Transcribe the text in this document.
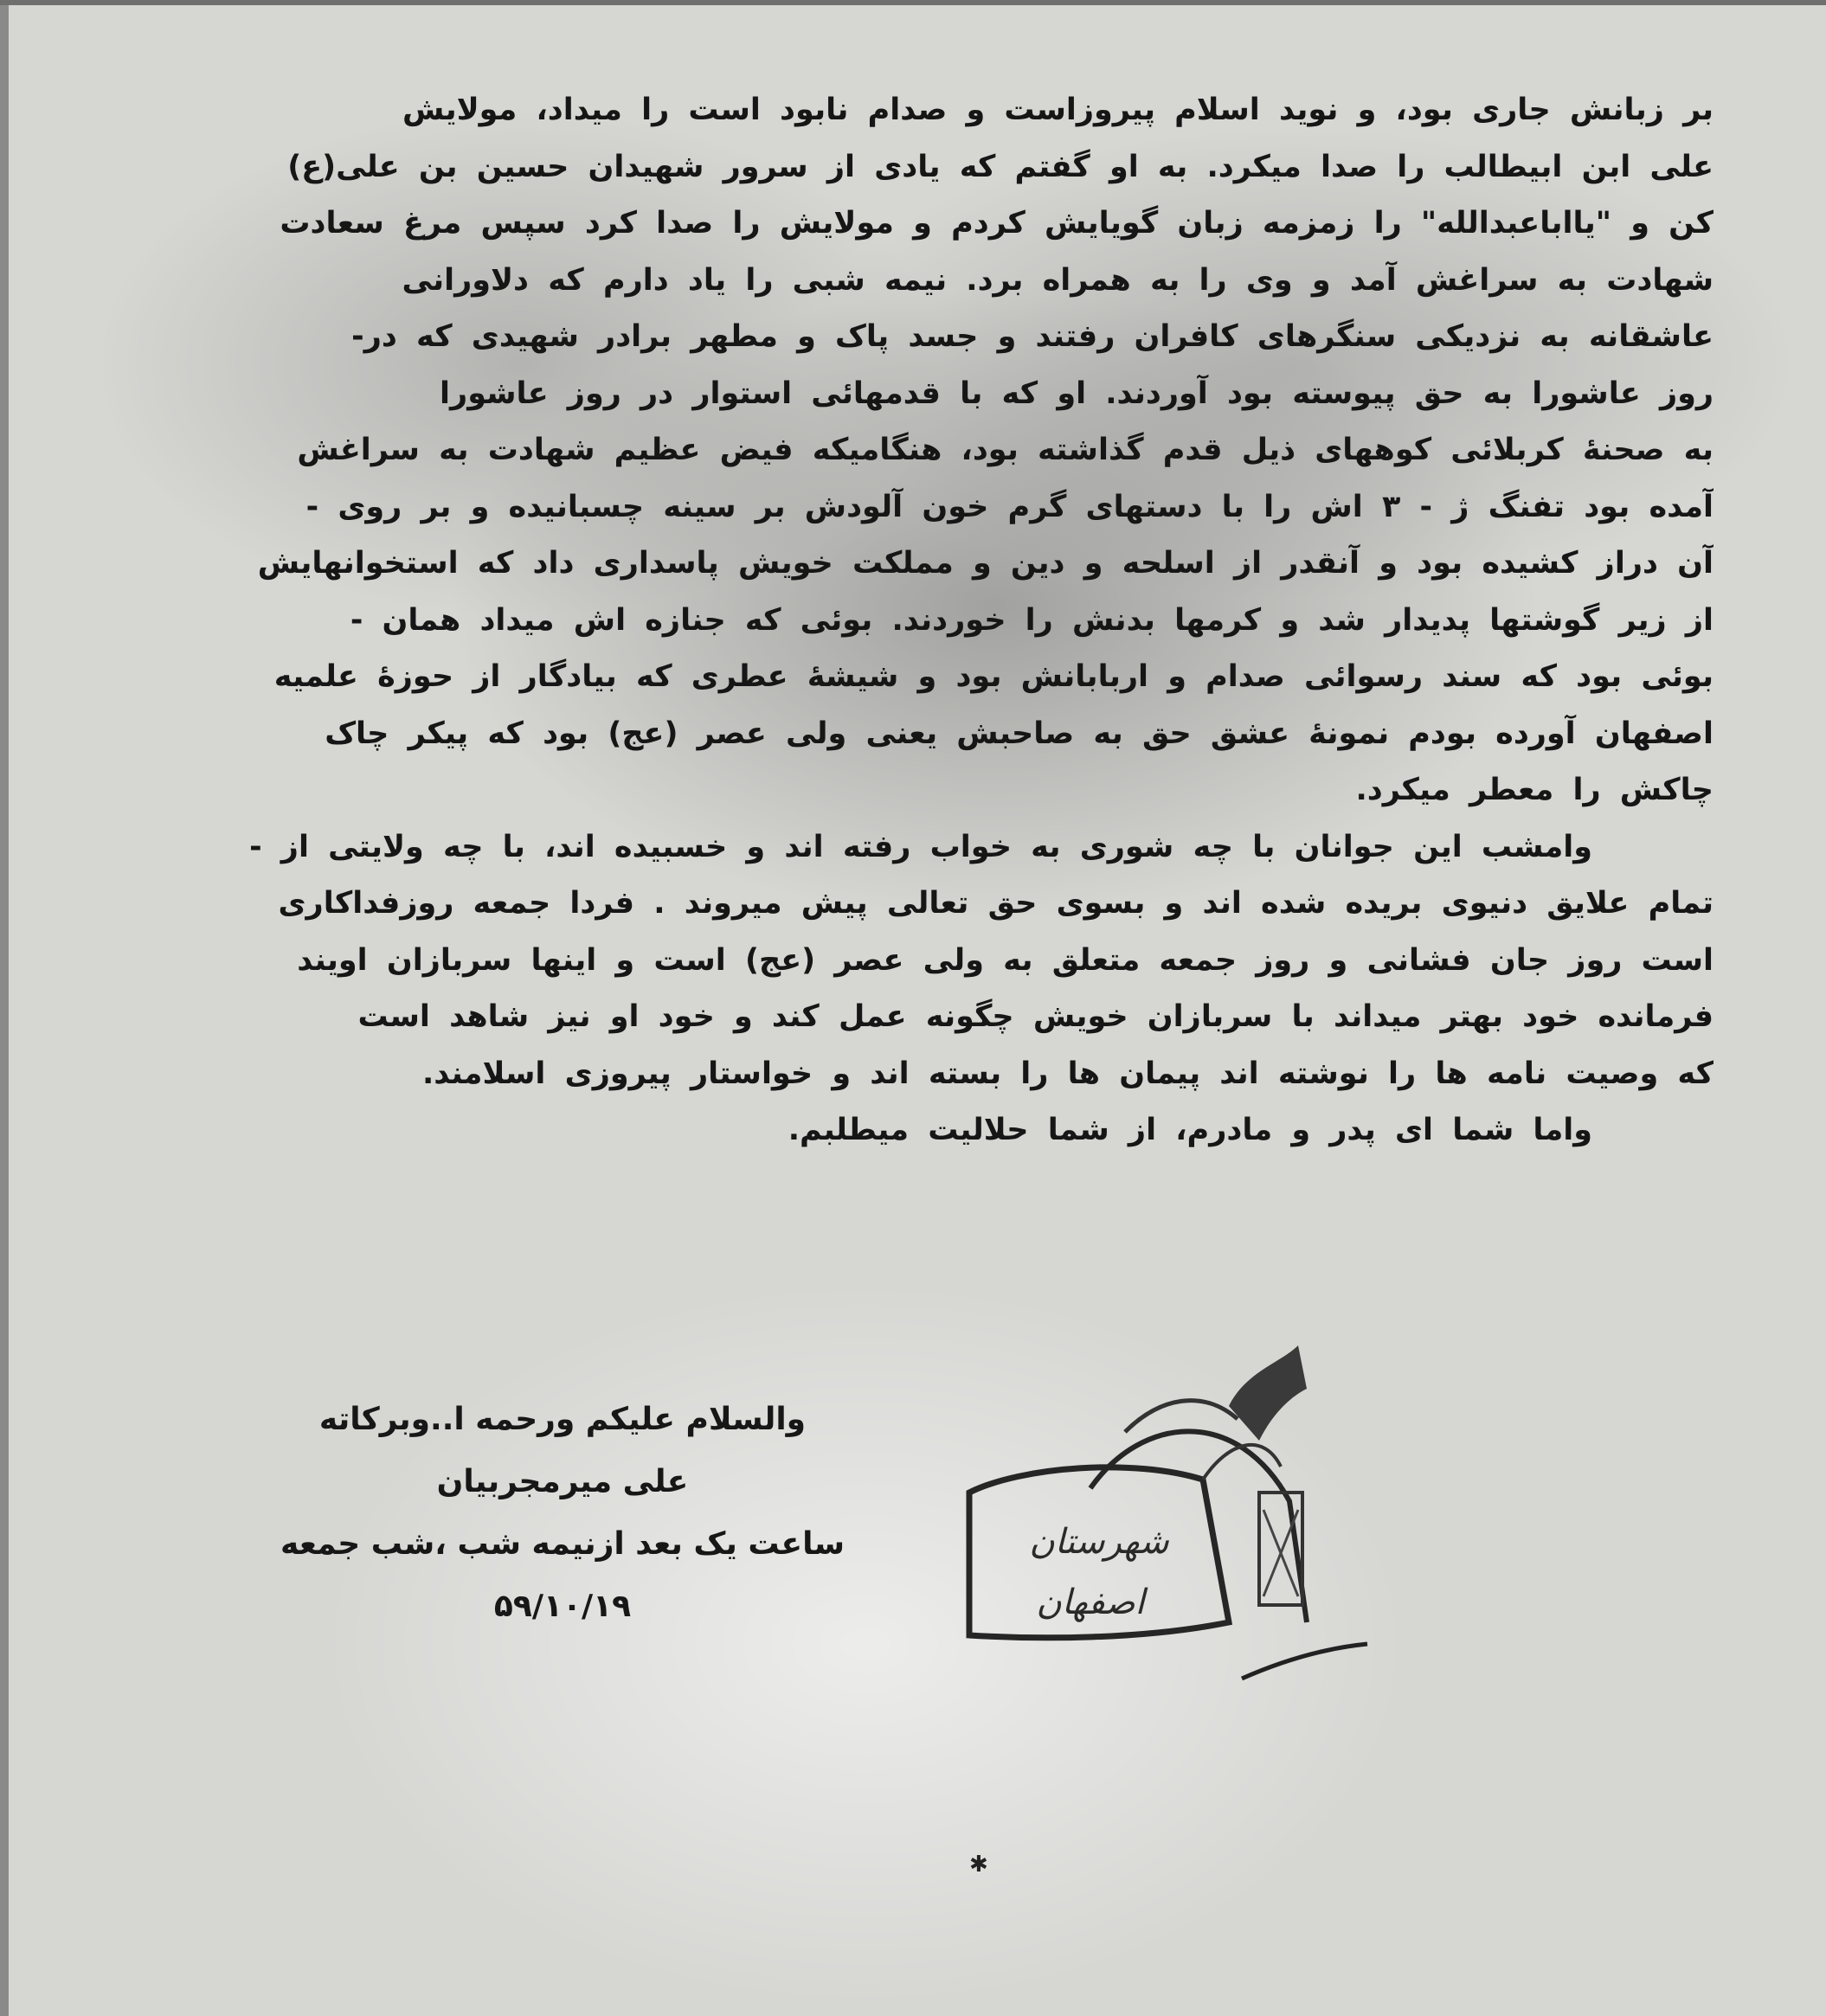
بر زبانش جاری بود، و نوید اسلام پیروزاست و صدام نابود است را میداد، مولایش
علی ابن ابیطالب را صدا میکرد. به او گفتم که یادی از سرور شهیدان حسین بن علی(ع)
کن و "یااباعبدالله" را زمزمه زبان گویایش کردم و مولایش را صدا کرد سپس مرغ سعادت
شهادت به سراغش آمد و وی را به همراه برد. نیمه شبی را یاد دارم که دلاورانی
عاشقانه به نزدیکی سنگرهای کافران رفتند و جسد پاک و مطهر برادر شهیدی که در-
روز عاشورا به حق پیوسته بود آوردند. او که با قدمهائی استوار در روز عاشورا
به صحنهٔ کربلائی کوههای ذیل قدم گذاشته بود، هنگامیکه فیض عظیم شهادت به سراغش
آمده بود تفنگ ژ - ۳ اش را با دستهای گرم خون آلودش بر سینه چسبانیده و بر روی -
آن دراز کشیده بود و آنقدر از اسلحه و دین و مملکت خویش پاسداری داد که استخوانهایش
از زیر گوشتها پدیدار شد و کرمها بدنش را خوردند. بوئی که جنازه اش میداد همان -
بوئی بود که سند رسوائی صدام و اربابانش بود و شیشهٔ عطری که بیادگار از حوزهٔ علمیه
اصفهان آورده بودم نمونهٔ عشق حق به صاحبش یعنی ولی عصر (عج) بود که پیکر چاک
چاکش را معطر میکرد.
وامشب این جوانان با چه شوری به خواب رفته اند و خسبیده اند، با چه ولایتی از -
تمام علایق دنیوی بریده شده اند و بسوی حق تعالی پیش میروند . فردا جمعه روزفداکاری
است روز جان فشانی و روز جمعه متعلق به ولی عصر (عج) است و اینها سربازان اویند
فرمانده خود بهتر میداند با سربازان خویش چگونه عمل کند و خود او نیز شاهد است
که وصیت نامه ها را نوشته اند پیمان ها را بسته اند و خواستار پیروزی اسلامند.
واما شما ای پدر و مادرم، از شما حلالیت میطلبم.
والسلام علیکم ورحمه ا..وبرکاته
علی میرمجربیان
ساعت یک بعد ازنیمه شب ،شب جمعه
۵۹/۱۰/۱۹
شهرستان
اصفهان
✱
